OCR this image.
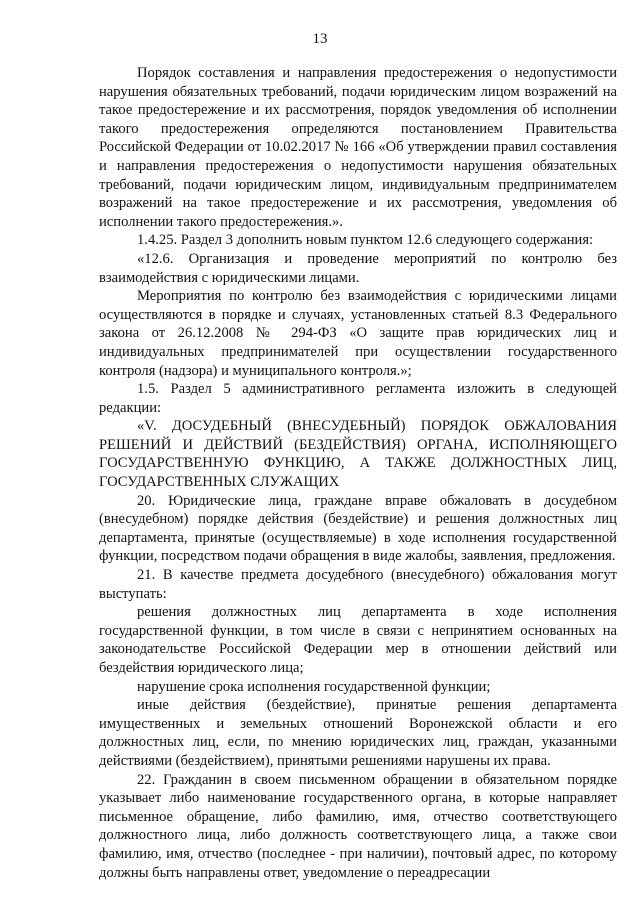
13

Порядок составления и направления предостережения о недопустимости нарушения обязательных требований, подачи юридическим лицом возражений на такое предостережение и их рассмотрения, порядок уведомления об исполнении такого предостережения определяются постановлением Правительства Российской Федерации от 10.02.2017 № 166 «Об утверждении правил составления и направления предостережения о недопустимости нарушения обязательных требований, подачи юридическим лицом, индивидуальным предпринимателем возражений на такое предостережение и их рассмотрения, уведомления об исполнении такого предостережения.».

1.4.25. Раздел 3 дополнить новым пунктом 12.6 следующего содержания:

«12.6. Организация и проведение мероприятий по контролю без взаимодействия с юридическими лицами.

Мероприятия по контролю без взаимодействия с юридическими лицами осуществляются в порядке и случаях, установленных статьей 8.3 Федерального закона от 26.12.2008 № 294-ФЗ «О защите прав юридических лиц и индивидуальных предпринимателей при осуществлении государственного контроля (надзора) и муниципального контроля.»;

1.5. Раздел 5 административного регламента изложить в следующей редакции:

«V. ДОСУДЕБНЫЙ (ВНЕСУДЕБНЫЙ) ПОРЯДОК ОБЖАЛОВАНИЯ РЕШЕНИЙ И ДЕЙСТВИЙ (БЕЗДЕЙСТВИЯ) ОРГАНА, ИСПОЛНЯЮЩЕГО ГОСУДАРСТВЕННУЮ ФУНКЦИЮ, А ТАКЖЕ ДОЛЖНОСТНЫХ ЛИЦ, ГОСУДАРСТВЕННЫХ СЛУЖАЩИХ

20. Юридические лица, граждане вправе обжаловать в досудебном (внесудебном) порядке действия (бездействие) и решения должностных лиц департамента, принятые (осуществляемые) в ходе исполнения государственной функции, посредством подачи обращения в виде жалобы, заявления, предложения.

21. В качестве предмета досудебного (внесудебного) обжалования могут выступать:

решения должностных лиц департамента в ходе исполнения государственной функции, в том числе в связи с непринятием основанных на законодательстве Российской Федерации мер в отношении действий или бездействия юридического лица;

нарушение срока исполнения государственной функции;

иные действия (бездействие), принятые решения департамента имущественных и земельных отношений Воронежской области и его должностных лиц, если, по мнению юридических лиц, граждан, указанными действиями (бездействием), принятыми решениями нарушены их права.

22. Гражданин в своем письменном обращении в обязательном порядке указывает либо наименование государственного органа, в которые направляет письменное обращение, либо фамилию, имя, отчество соответствующего должностного лица, либо должность соответствующего лица, а также свои фамилию, имя, отчество (последнее - при наличии), почтовый адрес, по которому должны быть направлены ответ, уведомление о переадресации
